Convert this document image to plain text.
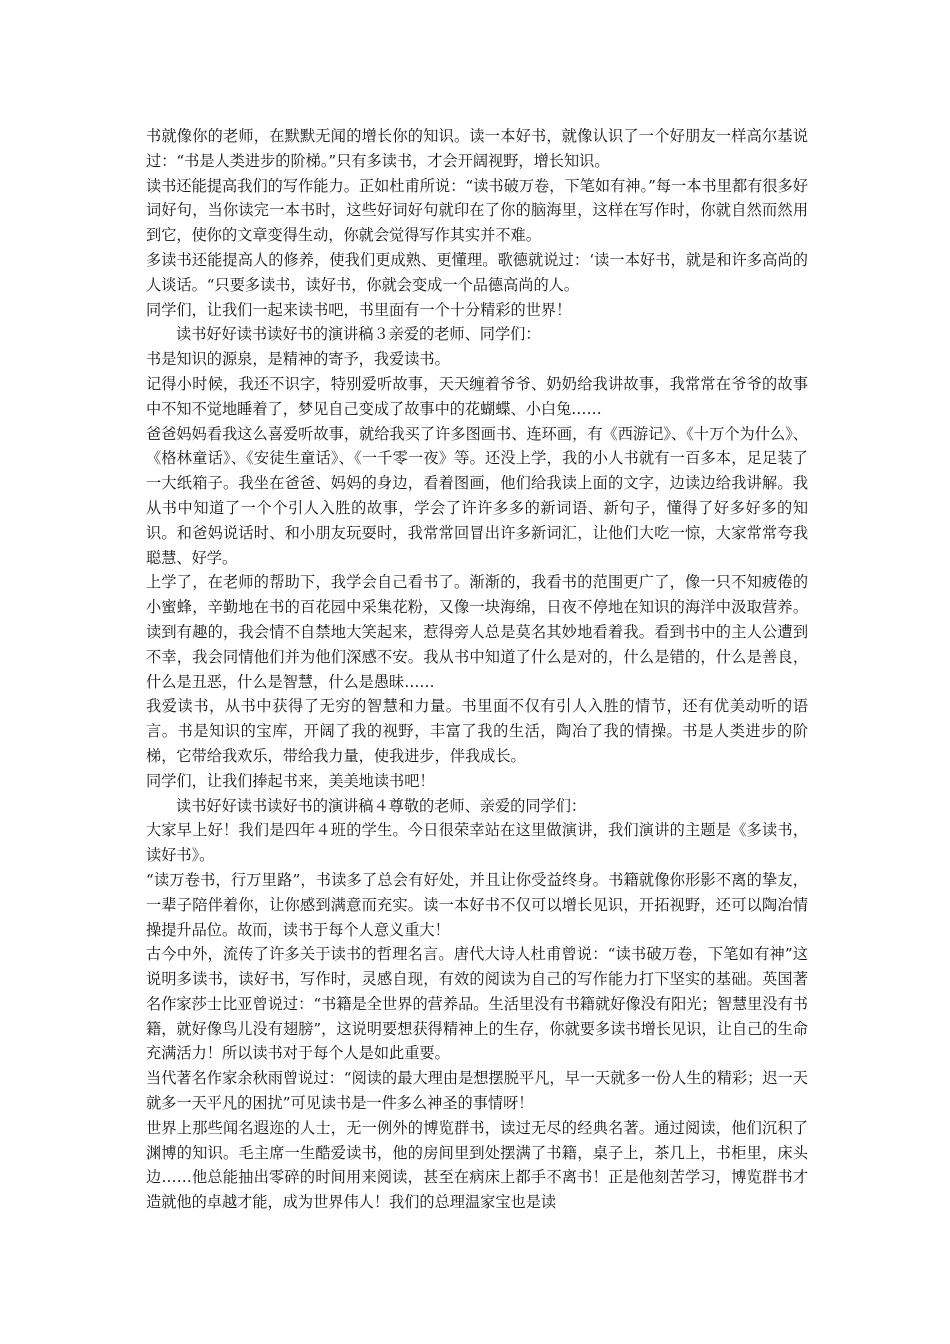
书就像你的老师，在默默无闻的增长你的知识。读一本好书，就像认识了一个好朋友一样高尔基说过：“书是人类进步的阶梯。”只有多读书，才会开阔视野，增长知识。

读书还能提高我们的写作能力。正如杜甫所说：“读书破万卷，下笔如有神。”每一本书里都有很多好词好句，当你读完一本书时，这些好词好句就印在了你的脑海里，这样在写作时，你就自然而然用到它，使你的文章变得生动，你就会觉得写作其实并不难。

多读书还能提高人的修养，使我们更成熟、更懂理。歌德就说过：‘读一本好书，就是和许多高尚的人谈话。“只要多读书，读好书，你就会变成一个品德高尚的人。

同学们，让我们一起来读书吧，书里面有一个十分精彩的世界！

读书好好读书读好书的演讲稿３亲爱的老师、同学们：

书是知识的源泉，是精神的寄予，我爱读书。

记得小时候，我还不识字，特别爱听故事，天天缠着爷爷、奶奶给我讲故事，我常常在爷爷的故事中不知不觉地睡着了，梦见自己变成了故事中的花蝴蝶、小白兔……

爸爸妈妈看我这么喜爱听故事，就给我买了许多图画书、连环画，有《西游记》、《十万个为什么》、《格林童话》、《安徒生童话》、《一千零一夜》等。还没上学，我的小人书就有一百多本，足足装了一大纸箱子。我坐在爸爸、妈妈的身边，看着图画，他们给我读上面的文字，边读边给我讲解。我从书中知道了一个个引人入胜的故事，学会了许许多多的新词语、新句子，懂得了好多好多的知识。和爸妈说话时、和小朋友玩耍时，我常常回冒出许多新词汇，让他们大吃一惊，大家常常夸我聪慧、好学。

上学了，在老师的帮助下，我学会自己看书了。渐渐的，我看书的范围更广了，像一只不知疲倦的小蜜蜂，辛勤地在书的百花园中采集花粉，又像一块海绵，日夜不停地在知识的海洋中汲取营养。读到有趣的，我会情不自禁地大笑起来，惹得旁人总是莫名其妙地看着我。看到书中的主人公遭到不幸，我会同情他们并为他们深感不安。我从书中知道了什么是对的，什么是错的，什么是善良，什么是丑恶，什么是智慧，什么是愚昧……

我爱读书，从书中获得了无穷的智慧和力量。书里面不仅有引人入胜的情节，还有优美动听的语言。书是知识的宝库，开阔了我的视野，丰富了我的生活，陶冶了我的情操。书是人类进步的阶梯，它带给我欢乐，带给我力量，使我进步，伴我成长。

同学们，让我们捧起书来，美美地读书吧！

读书好好读书读好书的演讲稿４尊敬的老师、亲爱的同学们：

大家早上好！我们是四年４班的学生。今日很荣幸站在这里做演讲，我们演讲的主题是《多读书，读好书》。

“读万卷书，行万里路”，书读多了总会有好处，并且让你受益终身。书籍就像你形影不离的挚友，一辈子陪伴着你，让你感到满意而充实。读一本好书不仅可以增长见识，开拓视野，还可以陶冶情操提升品位。故而，读书于每个人意义重大！

古今中外，流传了许多关于读书的哲理名言。唐代大诗人杜甫曾说：“读书破万卷，下笔如有神”这说明多读书，读好书，写作时，灵感自现，有效的阅读为自己的写作能力打下坚实的基础。英国著名作家莎士比亚曾说过：“书籍是全世界的营养品。生活里没有书籍就好像没有阳光；智慧里没有书籍，就好像鸟儿没有翅膀”，这说明要想获得精神上的生存，你就要多读书增长见识，让自己的生命充满活力！所以读书对于每个人是如此重要。

当代著名作家余秋雨曾说过：“阅读的最大理由是想摆脱平凡，早一天就多一份人生的精彩；迟一天就多一天平凡的困扰”可见读书是一件多么神圣的事情呀！

世界上那些闻名遐迩的人士，无一例外的博览群书，读过无尽的经典名著。通过阅读，他们沉积了渊博的知识。毛主席一生酷爱读书，他的房间里到处摆满了书籍，桌子上，茶几上，书柜里，床头边……他总能抽出零碎的时间用来阅读，甚至在病床上都手不离书！正是他刻苦学习，博览群书才造就他的卓越才能，成为世界伟人！我们的总理温家宝也是读
